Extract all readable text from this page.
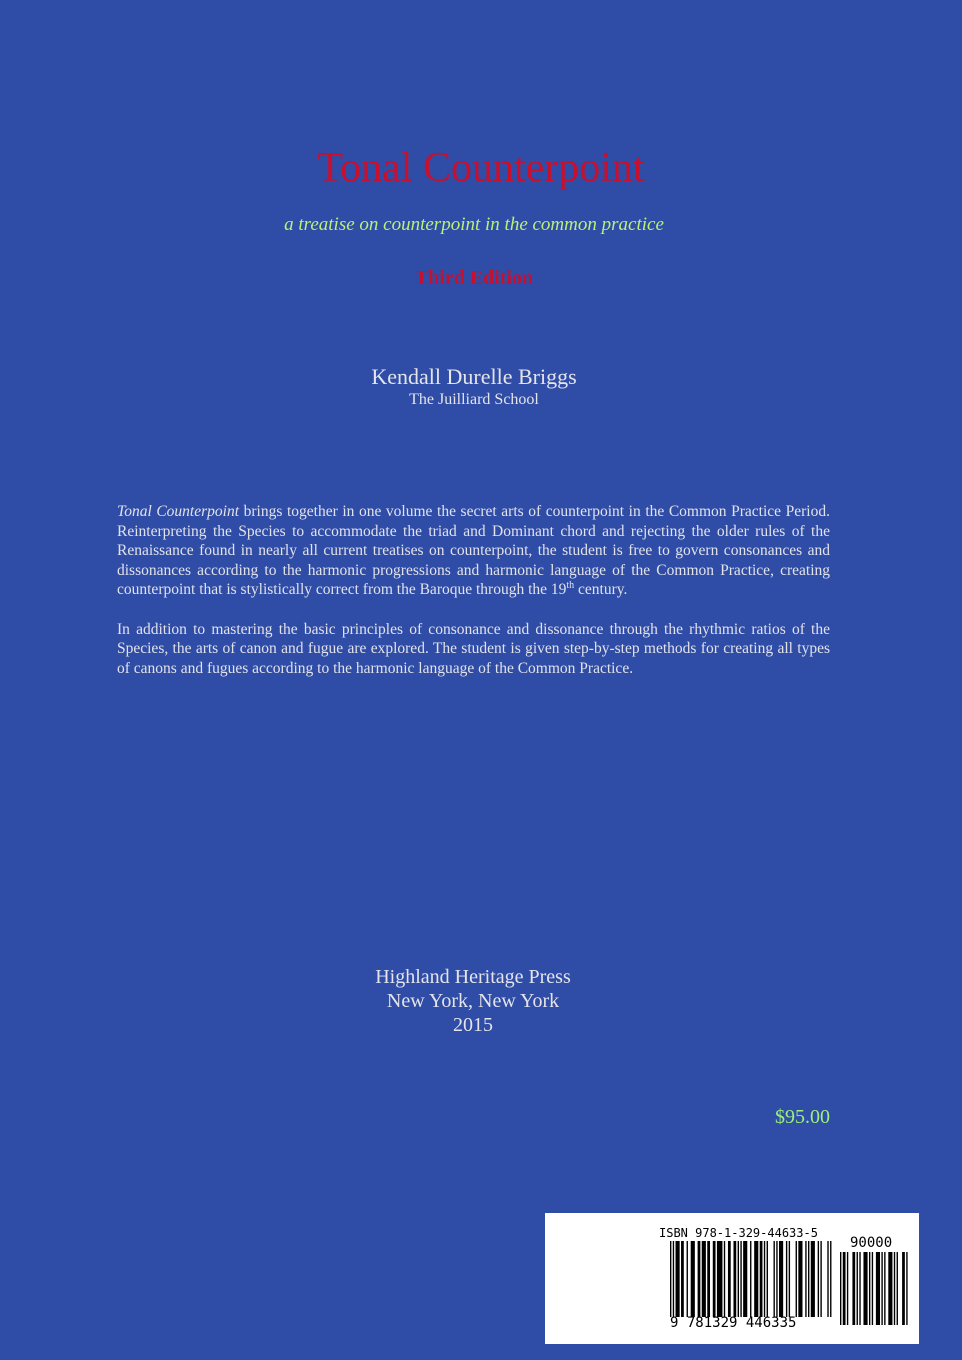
Tonal Counterpoint
a treatise on counterpoint in the common practice
Third Edition
Kendall Durelle Briggs
The Juilliard School

Tonal Counterpoint brings together in one volume the secret arts of counterpoint in the Common Practice Period. Reinterpreting the Species to accommodate the triad and Dominant chord and rejecting the older rules of the Renaissance found in nearly all current treatises on counterpoint, the student is free to govern consonances and dissonances according to the harmonic progressions and harmonic language of the Common Practice, creating counterpoint that is stylistically correct from the Baroque through the 19th century.

In addition to mastering the basic principles of consonance and dissonance through the rhythmic ratios of the Species, the arts of canon and fugue are explored. The student is given step-by-step methods for creating all types of canons and fugues according to the harmonic language of the Common Practice.

Highland Heritage Press
New York, New York
2015
$95.00
ISBN 978-1-329-44633-5
90000
9 781329 446335
